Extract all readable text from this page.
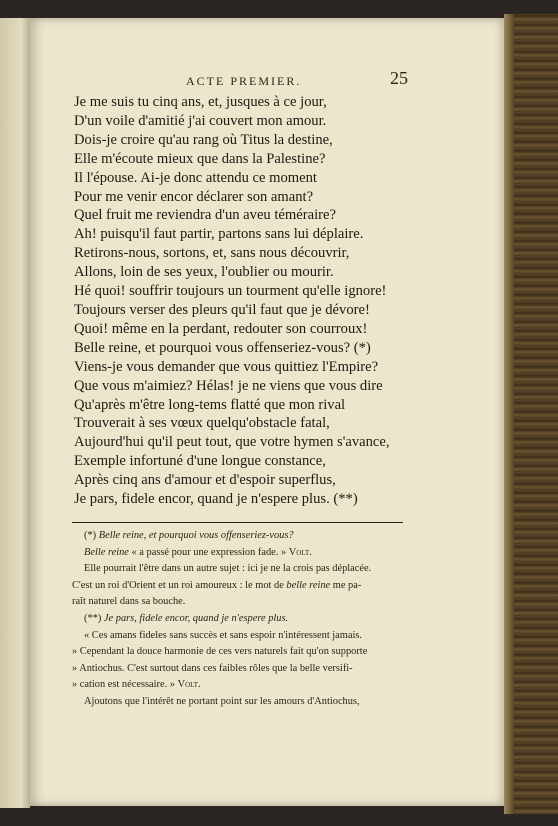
ACTE PREMIER.	25
Je me suis tu cinq ans, et, jusques à ce jour,
D'un voile d'amitié j'ai couvert mon amour.
Dois-je croire qu'au rang où Titus la destine,
Elle m'écoute mieux que dans la Palestine?
Il l'épouse. Ai-je donc attendu ce moment
Pour me venir encor déclarer son amant?
Quel fruit me reviendra d'un aveu téméraire?
Ah! puisqu'il faut partir, partons sans lui déplaire.
Retirons-nous, sortons, et, sans nous découvrir,
Allons, loin de ses yeux, l'oublier ou mourir.
Hé quoi! souffrir toujours un tourment qu'elle ignore!
Toujours verser des pleurs qu'il faut que je dévore!
Quoi! même en la perdant, redouter son courroux!
Belle reine, et pourquoi vous offenseriez-vous? (*)
Viens-je vous demander que vous quittiez l'Empire?
Que vous m'aimiez? Hélas! je ne viens que vous dire
Qu'après m'être long-tems flatté que mon rival
Trouverait à ses vœux quelqu'obstacle fatal,
Aujourd'hui qu'il peut tout, que votre hymen s'avance,
Exemple infortuné d'une longue constance,
Après cinq ans d'amour et d'espoir superflus,
Je pars, fidele encor, quand je n'espere plus. (**)
(*) Belle reine, et pourquoi vous offenseriez-vous?
Belle reine « a passé pour une expression fade. » Volt.
Elle pourrait l'être dans un autre sujet : ici je ne la crois pas déplacée.
C'est un roi d'Orient et un roi amoureux : le mot de belle reine me pa-
raît naturel dans sa bouche.
(**) Je pars, fidele encor, quand je n'espere plus.
« Ces amans fideles sans succès et sans espoir n'intéressent jamais.
» Cependant la douce harmonie de ces vers naturels fait qu'on supporte
» Antiochus. C'est surtout dans ces faibles rôles que la belle versifi-
» cation est nécessaire. » Volt.
Ajoutons que l'intérêt ne portant point sur les amours d'Antiochus,
